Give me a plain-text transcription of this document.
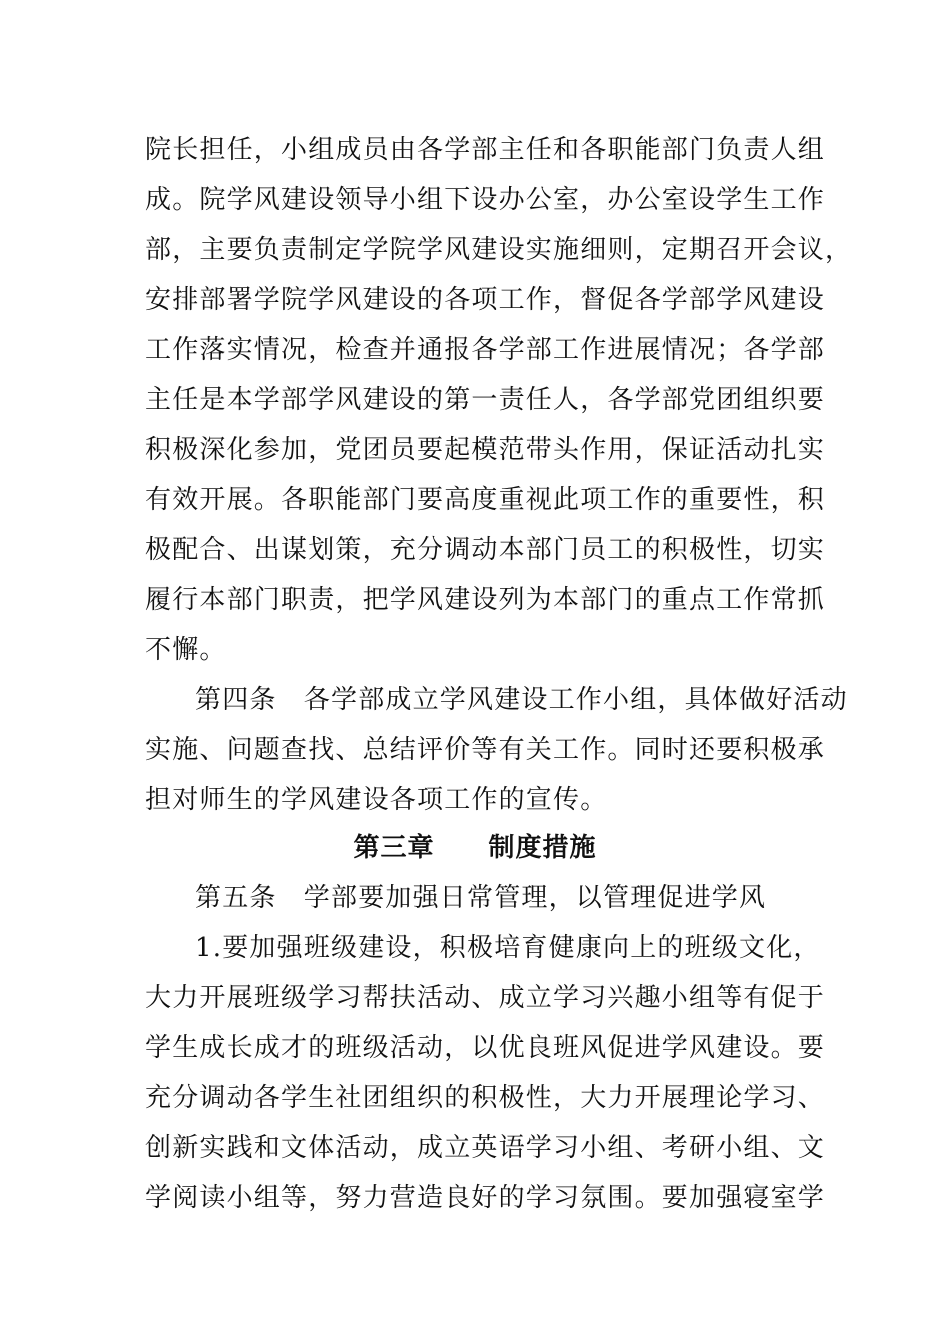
院长担任，小组成员由各学部主任和各职能部门负责人组
成。院学风建设领导小组下设办公室，办公室设学生工作
部，主要负责制定学院学风建设实施细则，定期召开会议，
安排部署学院学风建设的各项工作，督促各学部学风建设
工作落实情况，检查并通报各学部工作进展情况；各学部
主任是本学部学风建设的第一责任人，各学部党团组织要
积极深化参加，党团员要起模范带头作用，保证活动扎实
有效开展。各职能部门要高度重视此项工作的重要性，积
极配合、出谋划策，充分调动本部门员工的积极性，切实
履行本部门职责，把学风建设列为本部门的重点工作常抓
不懈。
第四条　各学部成立学风建设工作小组，具体做好活动
实施、问题查找、总结评价等有关工作。同时还要积极承
担对师生的学风建设各项工作的宣传。
第三章　　制度措施
第五条　学部要加强日常管理，以管理促进学风
1.要加强班级建设，积极培育健康向上的班级文化，
大力开展班级学习帮扶活动、成立学习兴趣小组等有促于
学生成长成才的班级活动，以优良班风促进学风建设。要
充分调动各学生社团组织的积极性，大力开展理论学习、
创新实践和文体活动，成立英语学习小组、考研小组、文
学阅读小组等，努力营造良好的学习氛围。要加强寝室学
